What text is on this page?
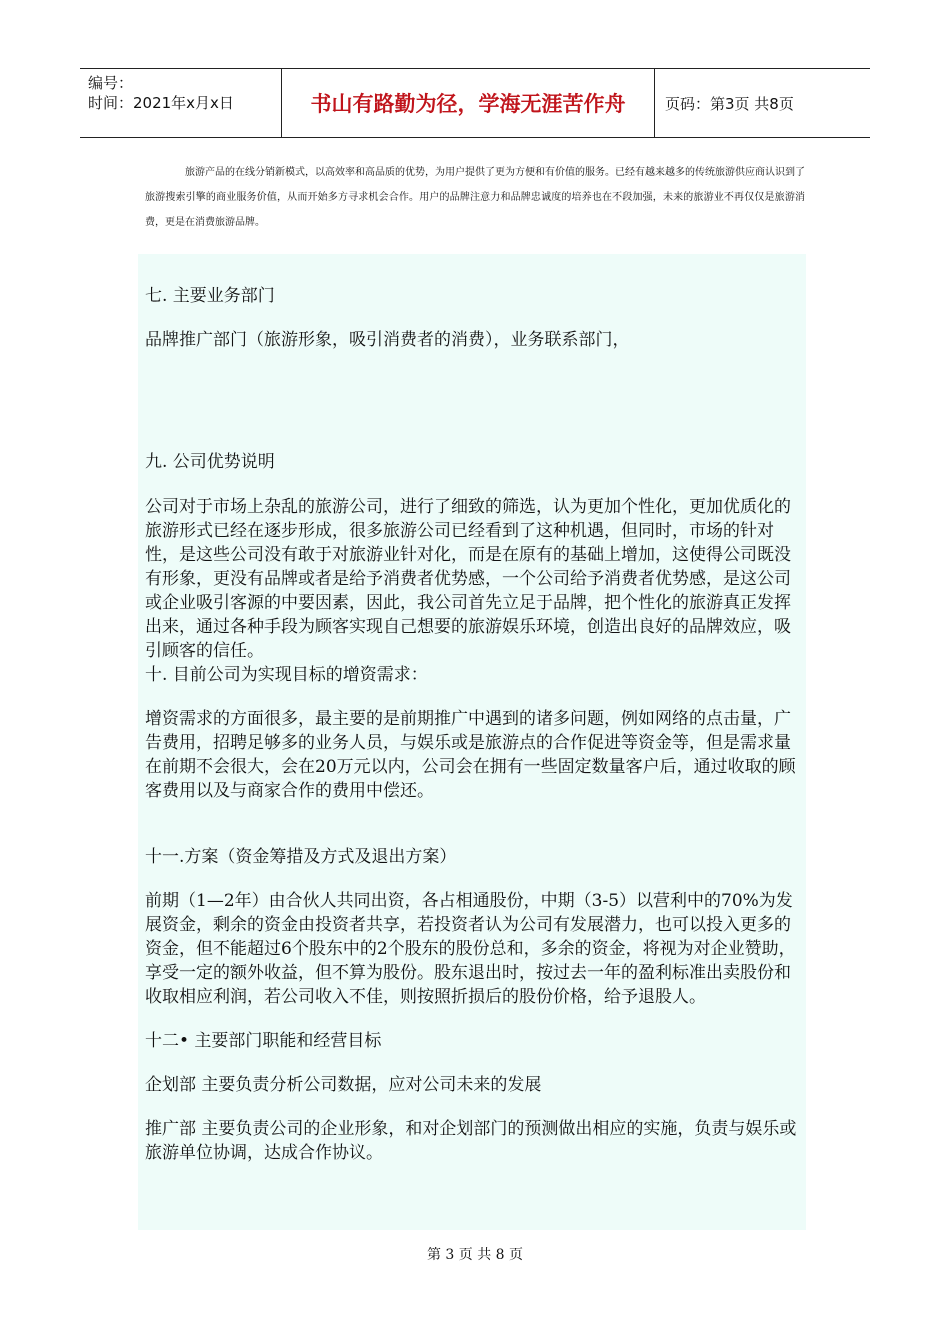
编号：
时间：2021年x月x日	书山有路勤为径，学海无涯苦作舟	页码：第3页 共8页

旅游产品的在线分销新模式，以高效率和高品质的优势，为用户提供了更为方便和有价值的服务。已经有越来越多的传统旅游供应商认识到了旅游搜索引擎的商业服务价值，从而开始多方寻求机会合作。用户的品牌注意力和品牌忠诚度的培养也在不段加强，未来的旅游业不再仅仅是旅游消费，更是在消费旅游品牌。

七. 主要业务部门

品牌推广部门（旅游形象，吸引消费者的消费），业务联系部门，

九. 公司优势说明

公司对于市场上杂乱的旅游公司，进行了细致的筛选，认为更加个性化，更加优质化的旅游形式已经在逐步形成，很多旅游公司已经看到了这种机遇，但同时，市场的针对性，是这些公司没有敢于对旅游业针对化，而是在原有的基础上增加，这使得公司既没有形象，更没有品牌或者是给予消费者优势感，一个公司给予消费者优势感，是这公司或企业吸引客源的中要因素，因此，我公司首先立足于品牌，把个性化的旅游真正发挥出来，通过各种手段为顾客实现自己想要的旅游娱乐环境，创造出良好的品牌效应，吸引顾客的信任。

十. 目前公司为实现目标的增资需求：

增资需求的方面很多，最主要的是前期推广中遇到的诸多问题，例如网络的点击量，广告费用，招聘足够多的业务人员，与娱乐或是旅游点的合作促进等资金等，但是需求量在前期不会很大，会在20万元以内，公司会在拥有一些固定数量客户后，通过收取的顾客费用以及与商家合作的费用中偿还。

十一.方案（资金筹措及方式及退出方案）

前期（1—2年）由合伙人共同出资，各占相通股份，中期（3-5）以营利中的70%为发展资金，剩余的资金由投资者共享，若投资者认为公司有发展潜力，也可以投入更多的资金，但不能超过6个股东中的2个股东的股份总和，多余的资金，将视为对企业赞助，享受一定的额外收益，但不算为股份。股东退出时，按过去一年的盈利标准出卖股份和收取相应利润，若公司收入不佳，则按照折损后的股份价格，给予退股人。

十二• 主要部门职能和经营目标

企划部 主要负责分析公司数据，应对公司未来的发展

推广部 主要负责公司的企业形象，和对企划部门的预测做出相应的实施，负责与娱乐或旅游单位协调，达成合作协议。

第 3 页 共 8 页
